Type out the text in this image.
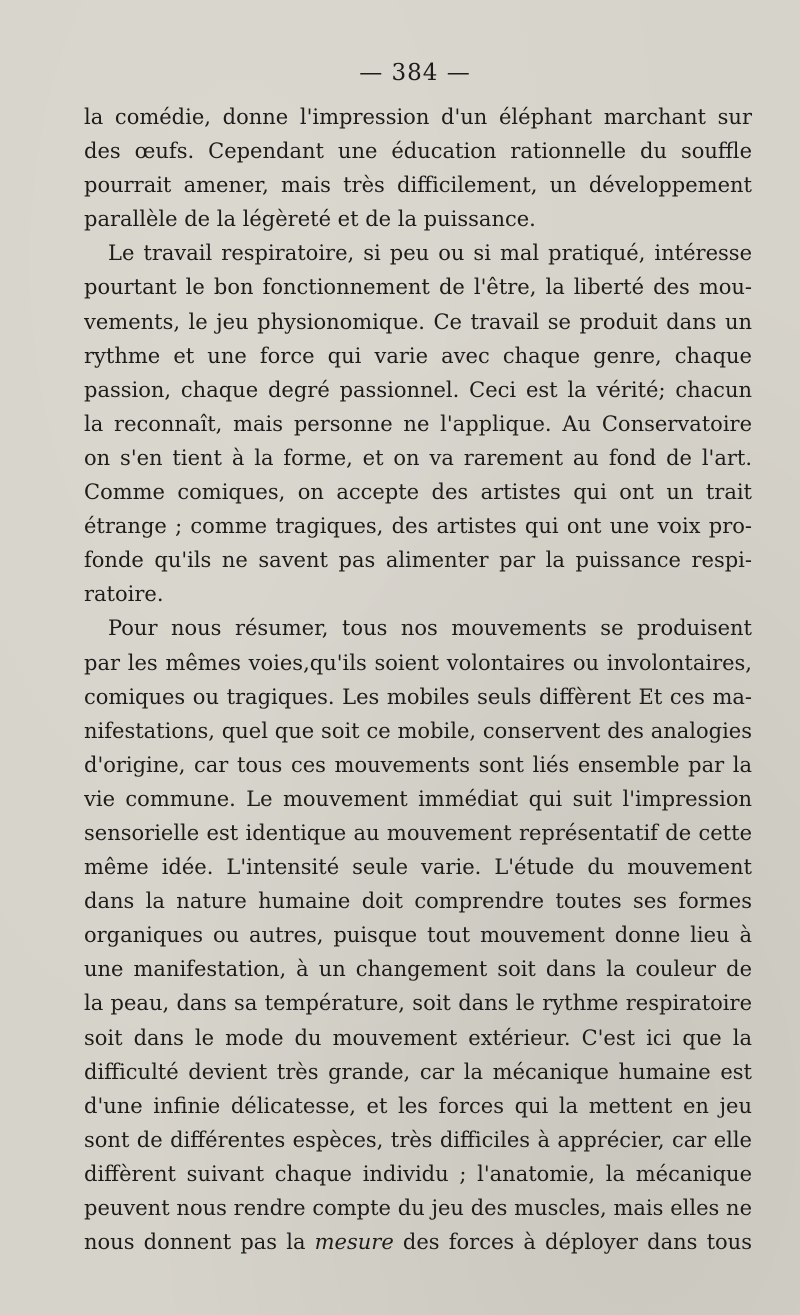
— 384 —
la comédie, donne l'impression d'un éléphant marchant sur
des œufs. Cependant une éducation rationnelle du souffle
pourrait amener, mais très difficilement, un développement
parallèle de la légèreté et de la puissance.
Le travail respiratoire, si peu ou si mal pratiqué, intéresse
pourtant le bon fonctionnement de l'être, la liberté des mou-
vements, le jeu physionomique. Ce travail se produit dans un
rythme et une force qui varie avec chaque genre, chaque
passion, chaque degré passionnel. Ceci est la vérité; chacun
la reconnaît, mais personne ne l'applique. Au Conservatoire
on s'en tient à la forme, et on va rarement au fond de l'art.
Comme comiques, on accepte des artistes qui ont un trait
étrange ; comme tragiques, des artistes qui ont une voix pro-
fonde qu'ils ne savent pas alimenter par la puissance respi-
ratoire.
Pour nous résumer, tous nos mouvements se produisent
par les mêmes voies,qu'ils soient volontaires ou involontaires,
comiques ou tragiques. Les mobiles seuls diffèrent Et ces ma-
nifestations, quel que soit ce mobile, conservent des analogies
d'origine, car tous ces mouvements sont liés ensemble par la
vie commune. Le mouvement immédiat qui suit l'impression
sensorielle est identique au mouvement représentatif de cette
même idée. L'intensité seule varie. L'étude du mouvement
dans la nature humaine doit comprendre toutes ses formes
organiques ou autres, puisque tout mouvement donne lieu à
une manifestation, à un changement soit dans la couleur de
la peau, dans sa température, soit dans le rythme respiratoire
soit dans le mode du mouvement extérieur. C'est ici que la
difficulté devient très grande, car la mécanique humaine est
d'une infinie délicatesse, et les forces qui la mettent en jeu
sont de différentes espèces, très difficiles à apprécier, car elle
diffèrent suivant chaque individu ; l'anatomie, la mécanique
peuvent nous rendre compte du jeu des muscles, mais elles ne
nous donnent pas la mesure des forces à déployer dans tous
